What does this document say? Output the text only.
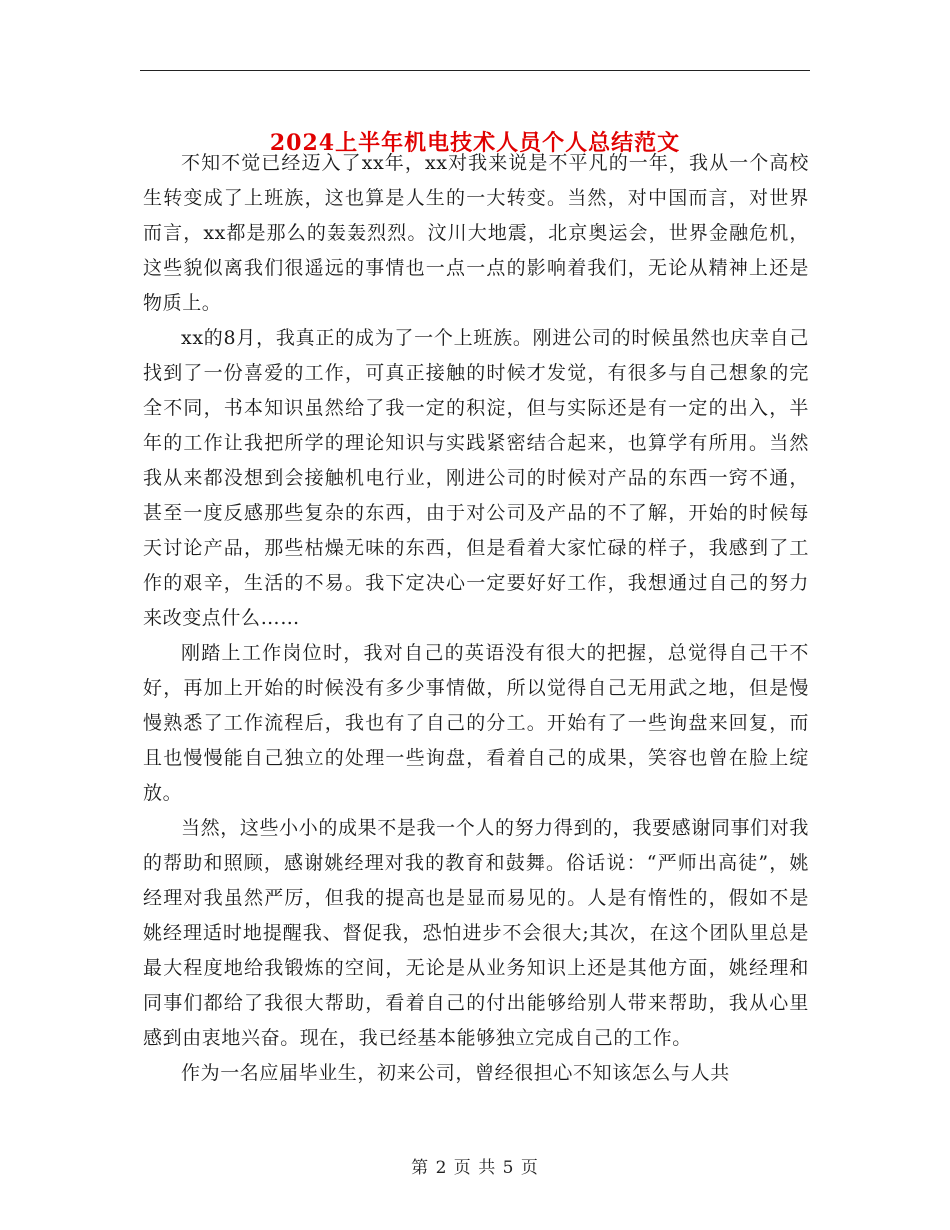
2024上半年机电技术人员个人总结范文

不知不觉已经迈入了xx年，xx对我来说是不平凡的一年，我从一个高校生转变成了上班族，这也算是人生的一大转变。当然，对中国而言，对世界而言，xx都是那么的轰轰烈烈。汶川大地震，北京奥运会，世界金融危机，这些貌似离我们很遥远的事情也一点一点的影响着我们，无论从精神上还是物质上。

xx的8月，我真正的成为了一个上班族。刚进公司的时候虽然也庆幸自己找到了一份喜爱的工作，可真正接触的时候才发觉，有很多与自己想象的完全不同，书本知识虽然给了我一定的积淀，但与实际还是有一定的出入，半年的工作让我把所学的理论知识与实践紧密结合起来，也算学有所用。当然我从来都没想到会接触机电行业，刚进公司的时候对产品的东西一窍不通，甚至一度反感那些复杂的东西，由于对公司及产品的不了解，开始的时候每天讨论产品，那些枯燥无味的东西，但是看着大家忙碌的样子，我感到了工作的艰辛，生活的不易。我下定决心一定要好好工作，我想通过自己的努力来改变点什么……

刚踏上工作岗位时，我对自己的英语没有很大的把握，总觉得自己干不好，再加上开始的时候没有多少事情做，所以觉得自己无用武之地，但是慢慢熟悉了工作流程后，我也有了自己的分工。开始有了一些询盘来回复，而且也慢慢能自己独立的处理一些询盘，看着自己的成果，笑容也曾在脸上绽放。

当然，这些小小的成果不是我一个人的努力得到的，我要感谢同事们对我的帮助和照顾，感谢姚经理对我的教育和鼓舞。俗话说：“严师出高徒”，姚经理对我虽然严厉，但我的提高也是显而易见的。人是有惰性的，假如不是姚经理适时地提醒我、督促我，恐怕进步不会很大;其次，在这个团队里总是最大程度地给我锻炼的空间，无论是从业务知识上还是其他方面，姚经理和同事们都给了我很大帮助，看着自己的付出能够给别人带来帮助，我从心里感到由衷地兴奋。现在，我已经基本能够独立完成自己的工作。

作为一名应届毕业生，初来公司，曾经很担心不知该怎么与人共

第 2 页 共 5 页
